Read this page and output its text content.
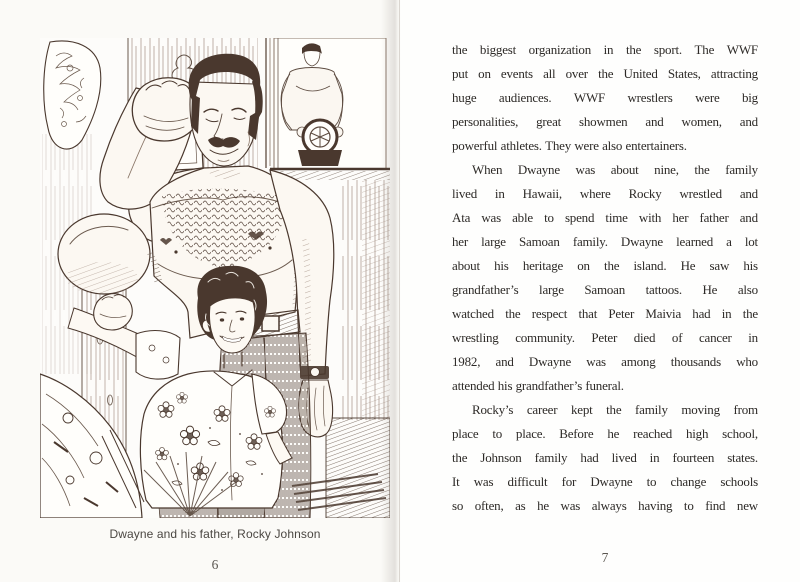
Dwayne and his father, Rocky Johnson
6
the biggest organization in the sport. The WWF
put on events all over the United States, attracting
huge audiences. WWF wrestlers were big
personalities, great showmen and women, and
powerful athletes. They were also entertainers.
When Dwayne was about nine, the family
lived in Hawaii, where Rocky wrestled and
Ata was able to spend time with her father and
her large Samoan family. Dwayne learned a lot
about his heritage on the island. He saw his
grandfather’s large Samoan tattoos. He also
watched the respect that Peter Maivia had in the
wrestling community. Peter died of cancer in
1982, and Dwayne was among thousands who
attended his grandfather’s funeral.
Rocky’s career kept the family moving from
place to place. Before he reached high school,
the Johnson family had lived in fourteen states.
It was difficult for Dwayne to change schools
so often, as he was always having to find new
7
